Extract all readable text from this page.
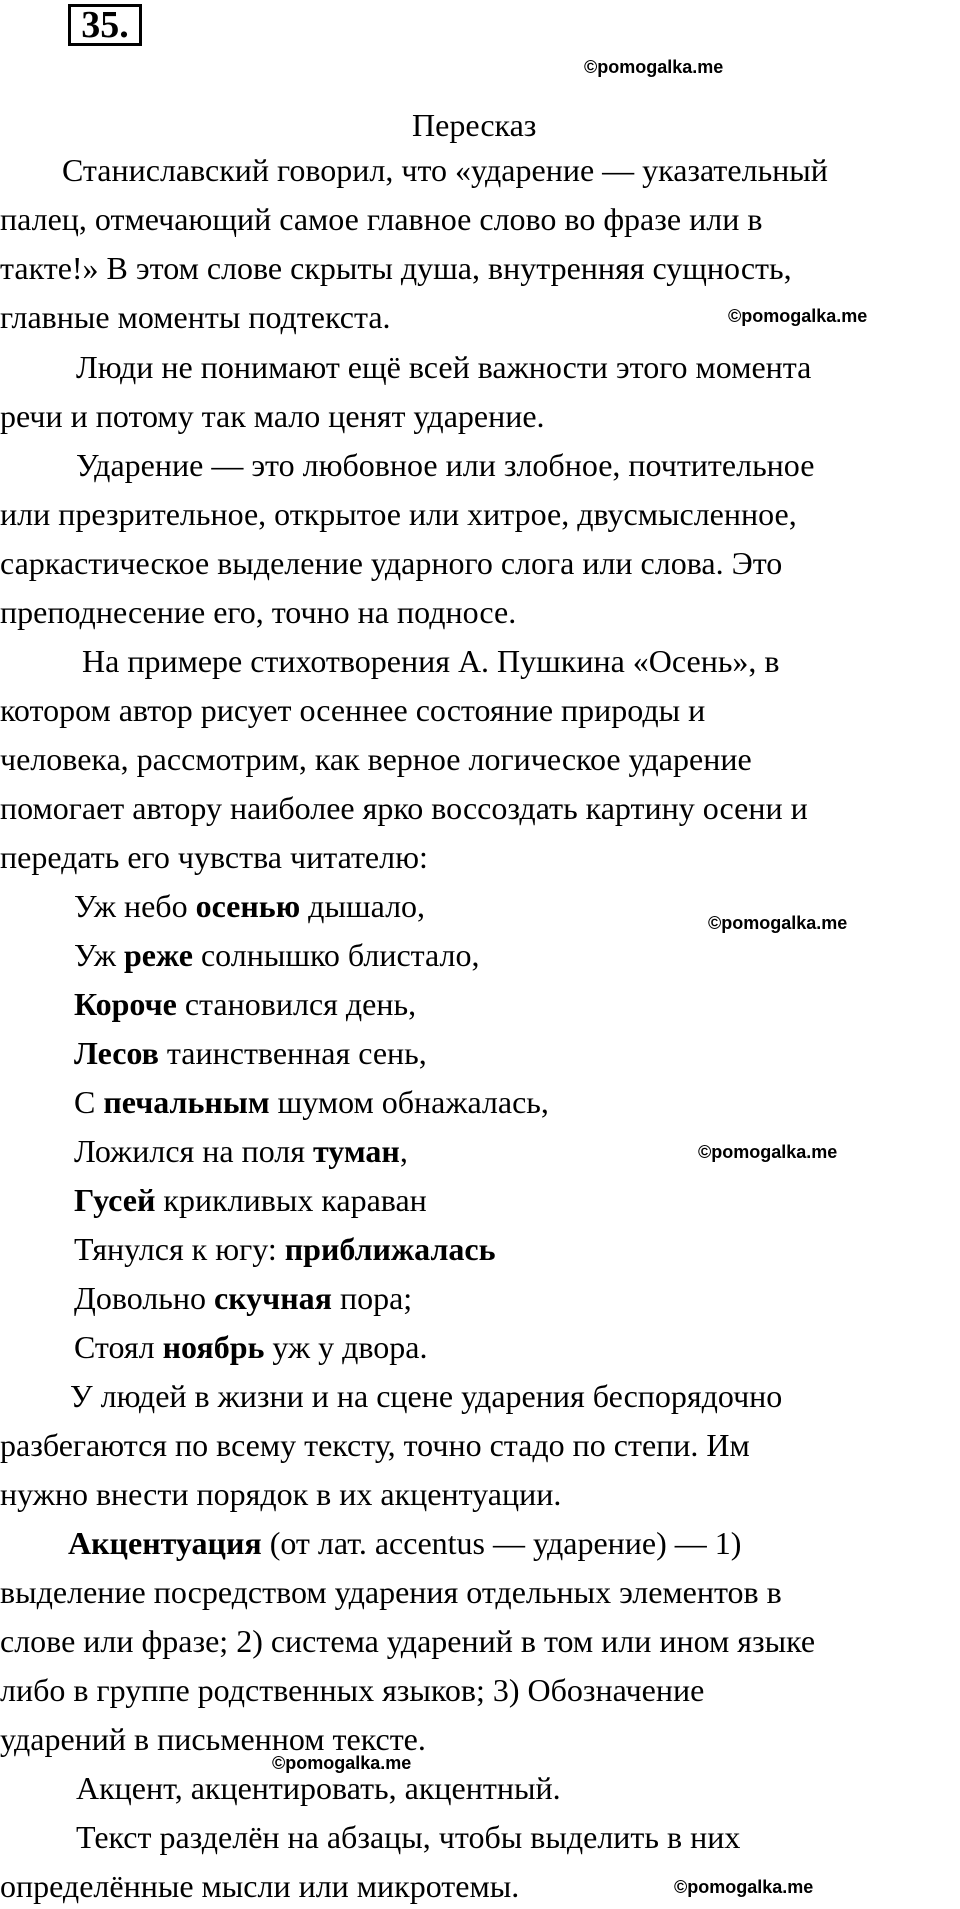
35.
©pomogalka.me
Пересказ
Станиславский говорил, что «ударение — указательный
палец, отмечающий самое главное слово во фразе или в
такте!» В этом слове скрыты душа, внутренняя сущность,
главные моменты подтекста.	©pomogalka.me
Люди не понимают ещё всей важности этого момента
речи и потому так мало ценят ударение.
Ударение — это любовное или злобное, почтительное
или презрительное, открытое или хитрое, двусмысленное,
саркастическое выделение ударного слога или слова. Это
преподнесение его, точно на подносе.
На примере стихотворения А. Пушкина «Осень», в
котором автор рисует осеннее состояние природы и
человека, рассмотрим, как верное логическое ударение
помогает автору наиболее ярко воссоздать картину осени и
передать его чувства читателю:
Уж небо осенью дышало,
Уж реже солнышко блистало,
Короче становился день,
Лесов таинственная сень,
С печальным шумом обнажалась,
Ложился на поля туман,
Гусей крикливых караван
Тянулся к югу: приближалась
Довольно скучная пора;
Стоял ноябрь уж у двора.
©pomogalka.me
©pomogalka.me
У людей в жизни и на сцене ударения беспорядочно
разбегаются по всему тексту, точно стадо по степи. Им
нужно внести порядок в их акцентуации.
Акцентуация (от лат. accentus — ударение) — 1)
выделение посредством ударения отдельных элементов в
слове или фразе; 2) система ударений в том или ином языке
либо в группе родственных языков; 3) Обозначение
ударений в письменном тексте.
©pomogalka.me
Акцент, акцентировать, акцентный.
Текст разделён на абзацы, чтобы выделить в них
определённые мысли или микротемы.	©pomogalka.me
